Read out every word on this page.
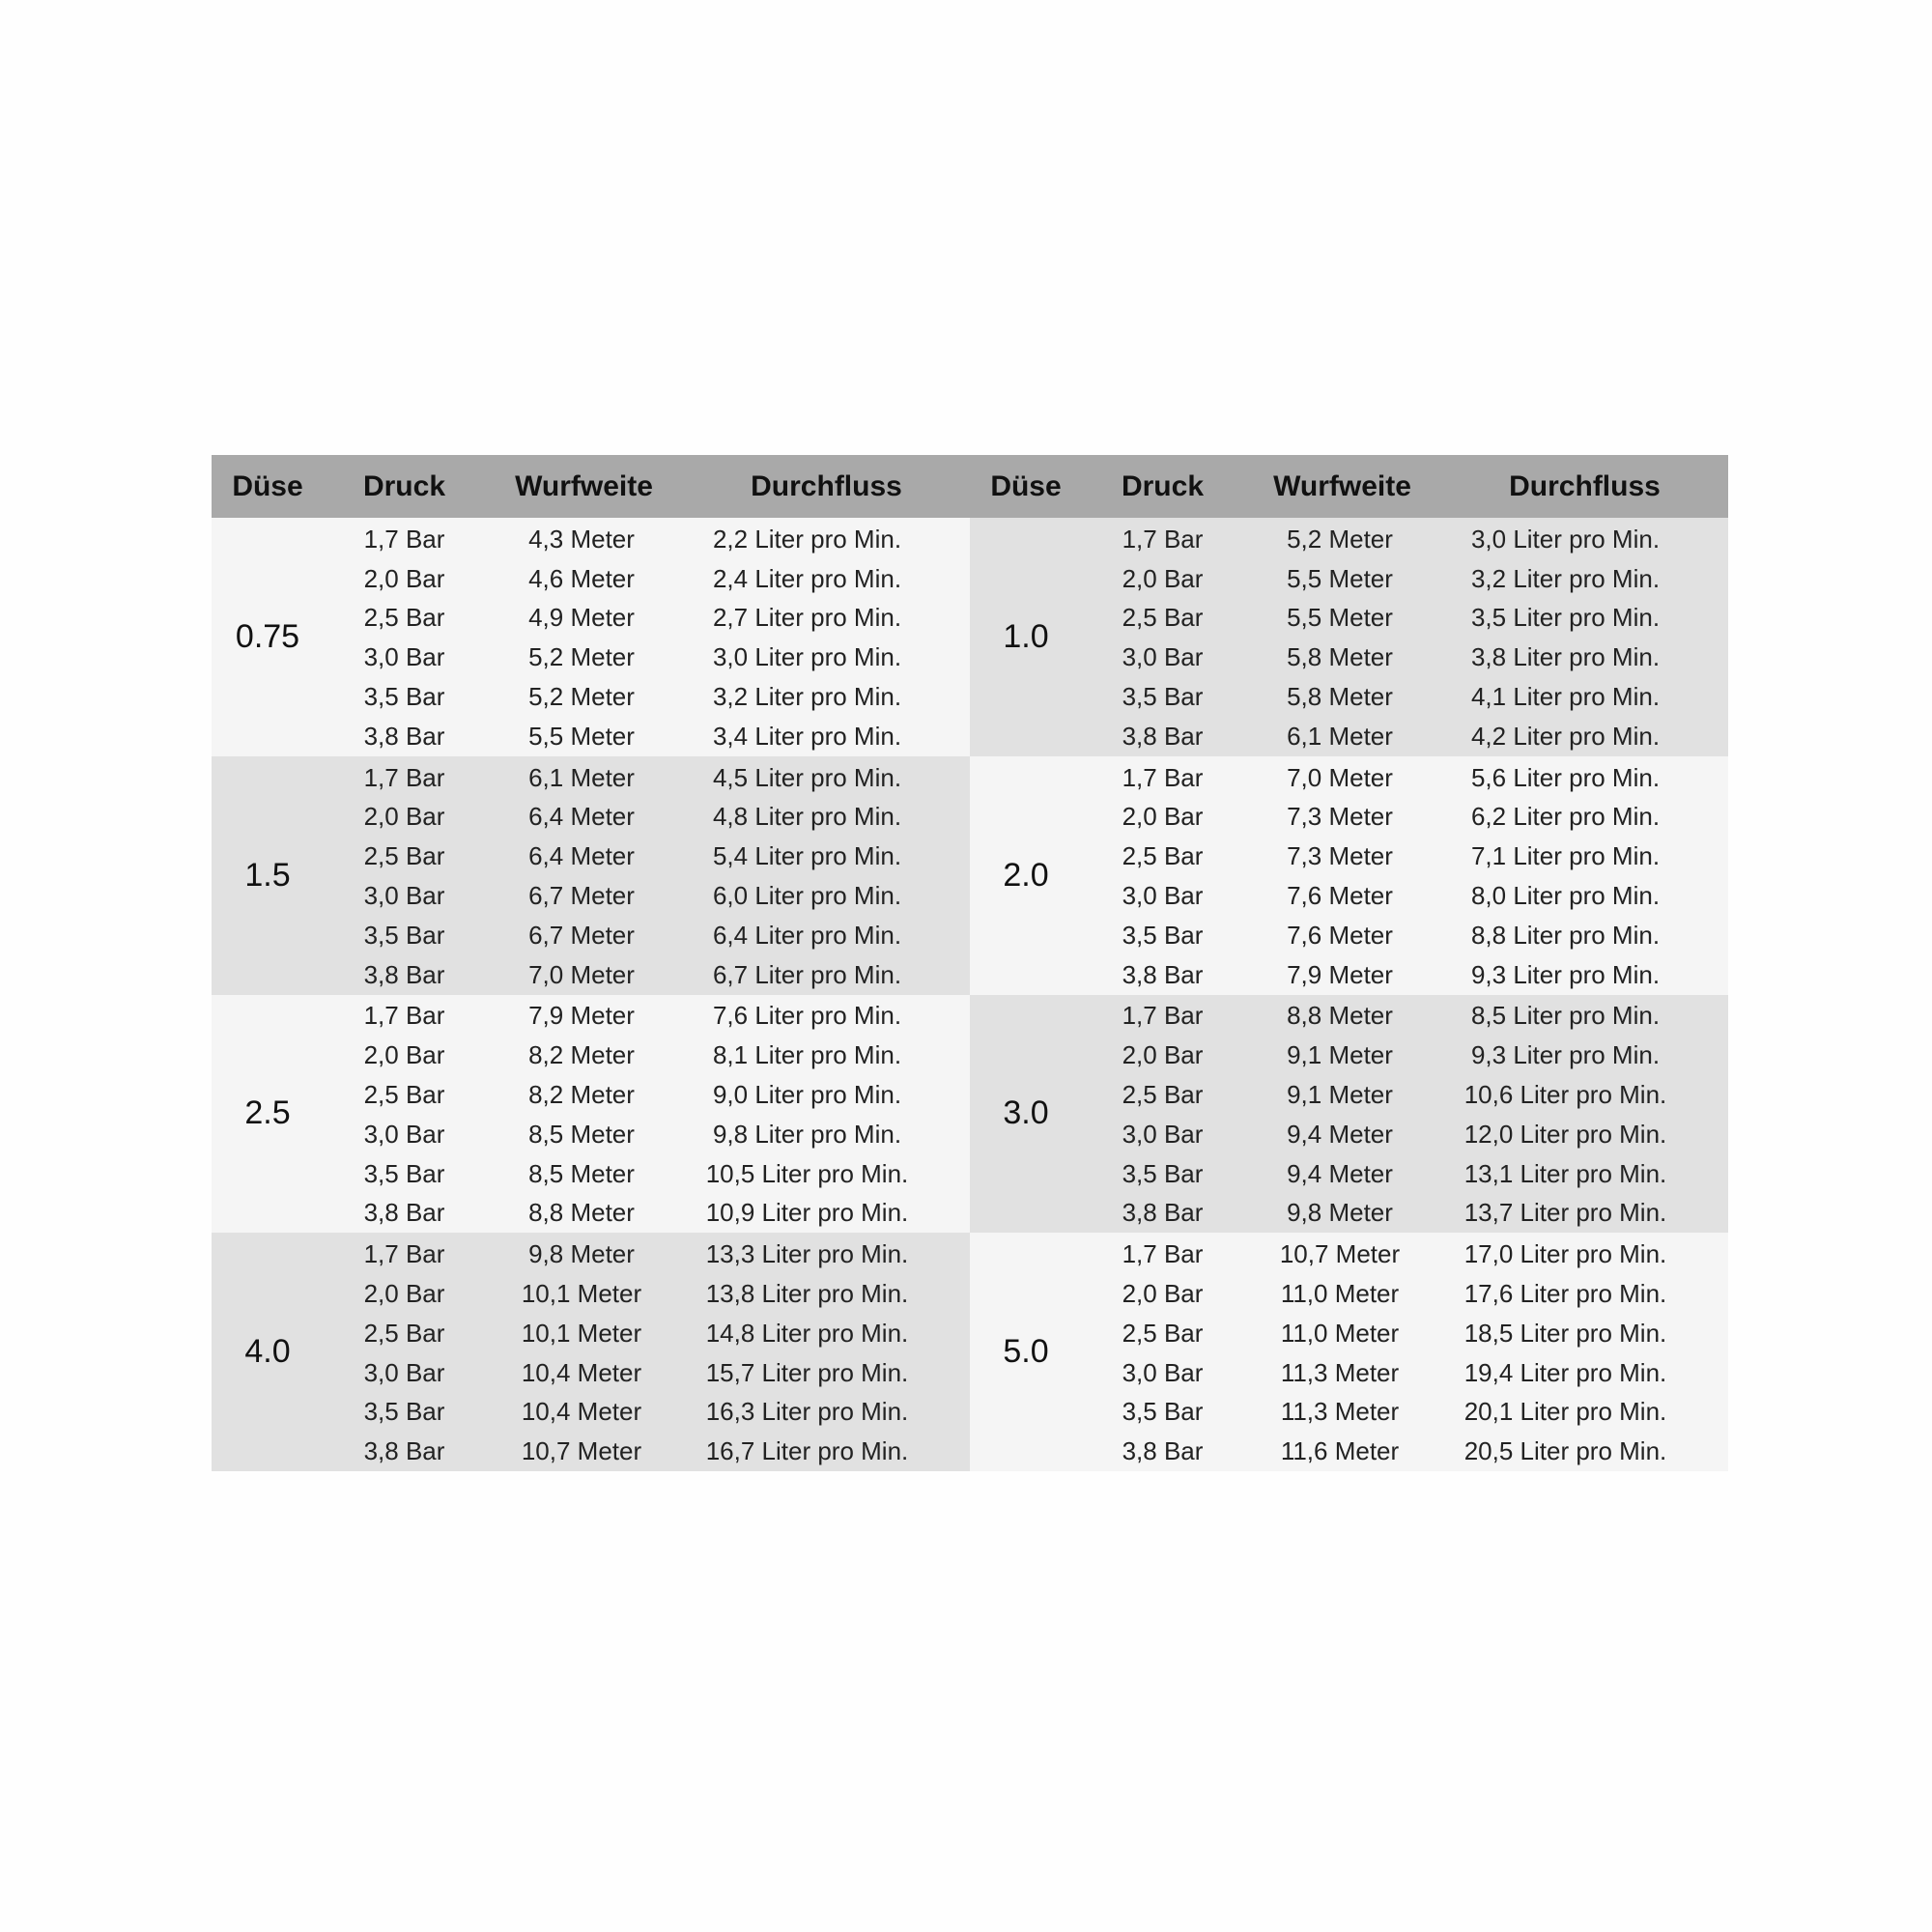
Düse	Druck	Wurfweite	Durchfluss	Düse	Druck	Wurfweite	Durchfluss
0.75
1,7 Bar	4,3 Meter	2,2 Liter pro Min.
2,0 Bar	4,6 Meter	2,4 Liter pro Min.
2,5 Bar	4,9 Meter	2,7 Liter pro Min.
3,0 Bar	5,2 Meter	3,0 Liter pro Min.
3,5 Bar	5,2 Meter	3,2 Liter pro Min.
3,8 Bar	5,5 Meter	3,4 Liter pro Min.
1.0
1,7 Bar	5,2 Meter	3,0 Liter pro Min.
2,0 Bar	5,5 Meter	3,2 Liter pro Min.
2,5 Bar	5,5 Meter	3,5 Liter pro Min.
3,0 Bar	5,8 Meter	3,8 Liter pro Min.
3,5 Bar	5,8 Meter	4,1 Liter pro Min.
3,8 Bar	6,1 Meter	4,2 Liter pro Min.
1.5
1,7 Bar	6,1 Meter	4,5 Liter pro Min.
2,0 Bar	6,4 Meter	4,8 Liter pro Min.
2,5 Bar	6,4 Meter	5,4 Liter pro Min.
3,0 Bar	6,7 Meter	6,0 Liter pro Min.
3,5 Bar	6,7 Meter	6,4 Liter pro Min.
3,8 Bar	7,0 Meter	6,7 Liter pro Min.
2.0
1,7 Bar	7,0 Meter	5,6 Liter pro Min.
2,0 Bar	7,3 Meter	6,2 Liter pro Min.
2,5 Bar	7,3 Meter	7,1 Liter pro Min.
3,0 Bar	7,6 Meter	8,0 Liter pro Min.
3,5 Bar	7,6 Meter	8,8 Liter pro Min.
3,8 Bar	7,9 Meter	9,3 Liter pro Min.
2.5
1,7 Bar	7,9 Meter	7,6 Liter pro Min.
2,0 Bar	8,2 Meter	8,1 Liter pro Min.
2,5 Bar	8,2 Meter	9,0 Liter pro Min.
3,0 Bar	8,5 Meter	9,8 Liter pro Min.
3,5 Bar	8,5 Meter	10,5 Liter pro Min.
3,8 Bar	8,8 Meter	10,9 Liter pro Min.
3.0
1,7 Bar	8,8 Meter	8,5 Liter pro Min.
2,0 Bar	9,1 Meter	9,3 Liter pro Min.
2,5 Bar	9,1 Meter	10,6 Liter pro Min.
3,0 Bar	9,4 Meter	12,0 Liter pro Min.
3,5 Bar	9,4 Meter	13,1 Liter pro Min.
3,8 Bar	9,8 Meter	13,7 Liter pro Min.
4.0
1,7 Bar	9,8 Meter	13,3 Liter pro Min.
2,0 Bar	10,1 Meter	13,8 Liter pro Min.
2,5 Bar	10,1 Meter	14,8 Liter pro Min.
3,0 Bar	10,4 Meter	15,7 Liter pro Min.
3,5 Bar	10,4 Meter	16,3 Liter pro Min.
3,8 Bar	10,7 Meter	16,7 Liter pro Min.
5.0
1,7 Bar	10,7 Meter	17,0 Liter pro Min.
2,0 Bar	11,0 Meter	17,6 Liter pro Min.
2,5 Bar	11,0 Meter	18,5 Liter pro Min.
3,0 Bar	11,3 Meter	19,4 Liter pro Min.
3,5 Bar	11,3 Meter	20,1 Liter pro Min.
3,8 Bar	11,6 Meter	20,5 Liter pro Min.
